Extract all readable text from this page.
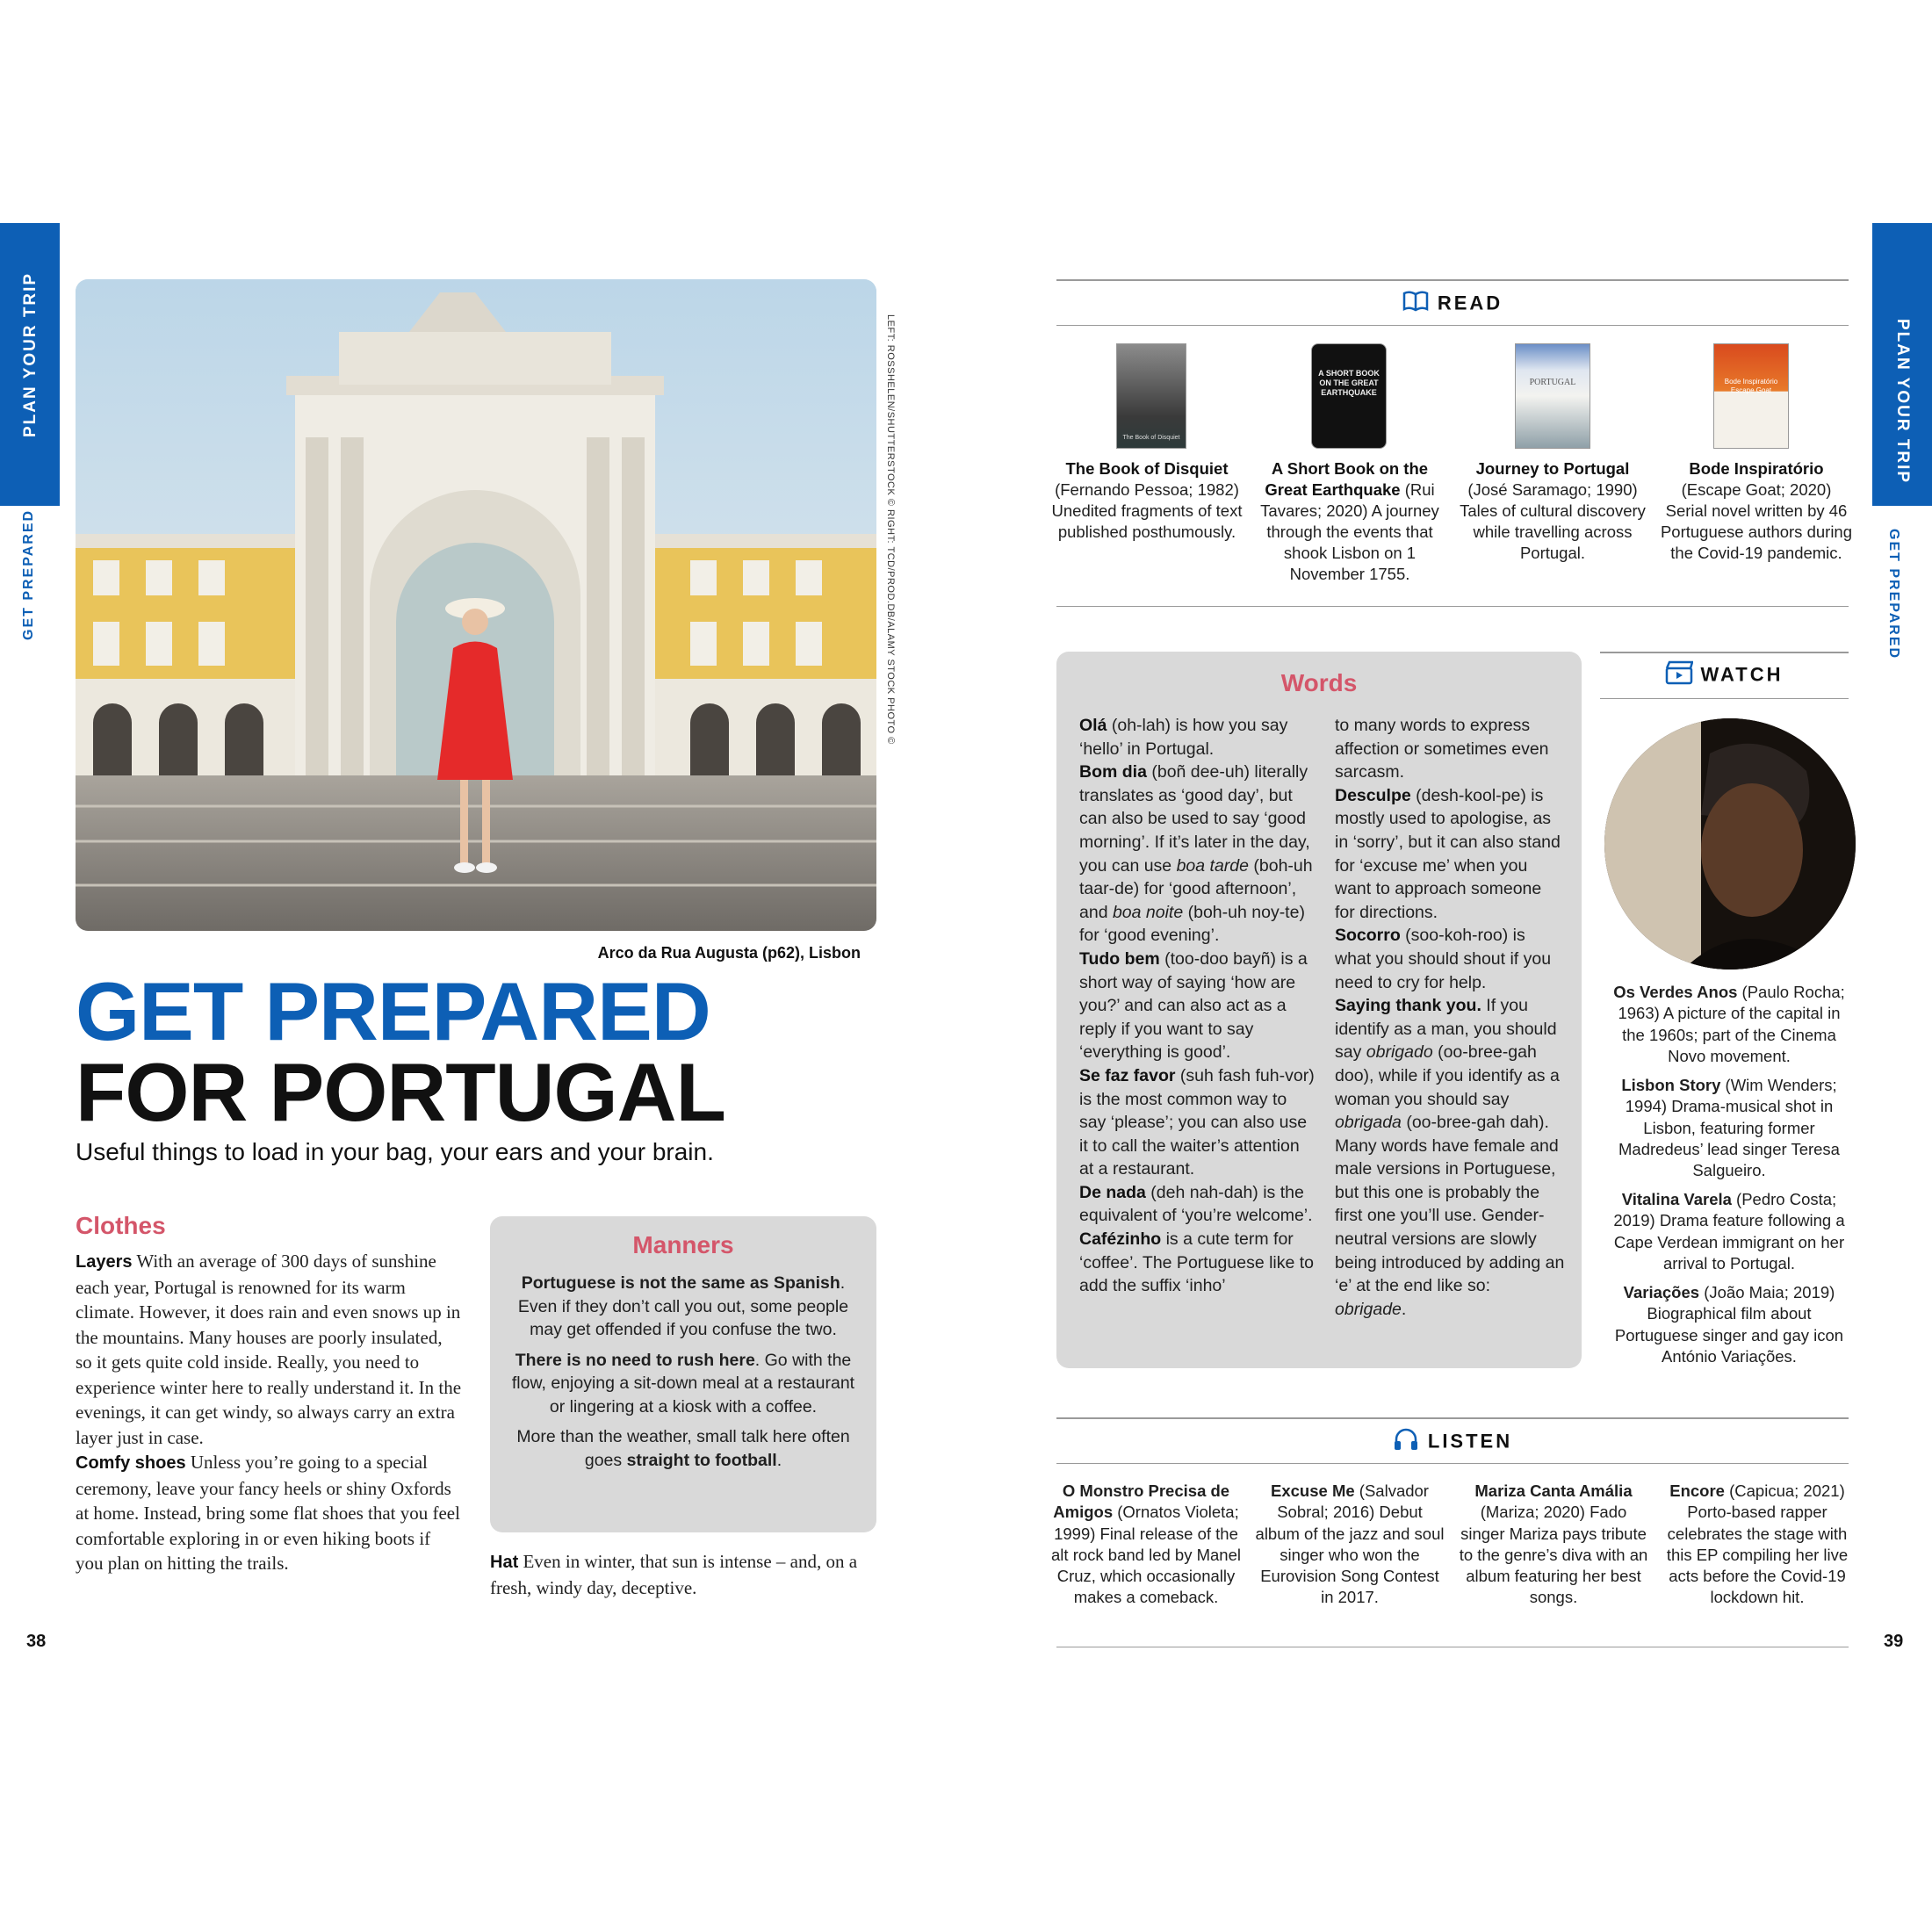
PLAN YOUR TRIP
GET PREPARED
38
LEFT: ROSSHELEN/SHUTTERSTOCK © RIGHT: TCD/PROD.DB/ALAMY STOCK PHOTO ©
Arco da Rua Augusta (p62), Lisbon
GET PREPARED
FOR PORTUGAL
Useful things to load in your bag, your ears and your brain.
Clothes
Layers With an average of 300 days of sunshine each year, Portugal is renowned for its warm climate. However, it does rain and even snows up in the mountains. Many houses are poorly insulated, so it gets quite cold inside. Really, you need to experience winter here to really understand it. In the evenings, it can get windy, so always carry an extra layer just in case.
Comfy shoes Unless you’re going to a special ceremony, leave your fancy heels or shiny Oxfords at home. Instead, bring some flat shoes that you feel comfortable exploring in or even hiking boots if you plan on hitting the trails.
Manners

Portuguese is not the same as Spanish. Even if they don’t call you out, some people may get offended if you confuse the two.

There is no need to rush here. Go with the flow, enjoying a sit-down meal at a restaurant or lingering at a kiosk with a coffee.

More than the weather, small talk here often goes straight to football.

Hat Even in winter, that sun is intense – and, on a fresh, windy day, deceptive.
PLAN YOUR TRIP
GET PREPARED
39
READ
The Book of Disquiet
A SHORT BOOK ON THE GREAT EARTHQUAKE
PORTUGAL	Bode Inspiratório Escape Goat
The Book of Disquiet
(Fernando Pessoa; 1982) Unedited fragments of text published posthumously.
A Short Book on the Great Earthquake (Rui Tavares; 2020) A journey through the events that shook Lisbon on 1 November 1755.
Journey to Portugal
(José Saramago; 1990) Tales of cultural discovery while travelling across Portugal.
Bode Inspiratório
(Escape Goat; 2020) Serial novel written by 46 Portuguese authors during the Covid-19 pandemic.
Words
Olá (oh-lah) is how you say ‘hello’ in Portugal.
Bom dia (boñ dee-uh) literally translates as ‘good day’, but can also be used to say ‘good morning’. If it’s later in the day, you can use boa tarde (boh-uh taar-de) for ‘good afternoon’, and boa noite (boh-uh noy-te) for ‘good evening’.
Tudo bem (too-doo bayñ) is a short way of saying ‘how are you?’ and can also act as a reply if you want to say ‘everything is good’.
Se faz favor (suh fash fuh-vor) is the most common way to say ‘please’; you can also use it to call the waiter’s attention at a restaurant.
De nada (deh nah-dah) is the equivalent of ‘you’re welcome’.
Cafézinho is a cute term for ‘coffee’. The Portuguese like to add the suffix ‘inho’
to many words to express affection or sometimes even sarcasm.
Desculpe (desh-kool-pe) is mostly used to apologise, as in ‘sorry’, but it can also stand for ‘excuse me’ when you want to approach someone for directions.
Socorro (soo-koh-roo) is what you should shout if you need to cry for help.
Saying thank you. If you identify as a man, you should say obrigado (oo-bree-gah doo), while if you identify as a woman you should say obrigada (oo-bree-gah dah). Many words have female and male versions in Portuguese, but this one is probably the first one you’ll use. Gender-neutral versions are slowly being introduced by adding an ‘e’ at the end like so: obrigade.
WATCH
Os Verdes Anos (Paulo Rocha; 1963) A picture of the capital in the 1960s; part of the Cinema Novo movement.
Lisbon Story (Wim Wenders; 1994) Drama-musical shot in Lisbon, featuring former Madredeus’ lead singer Teresa Salgueiro.
Vitalina Varela (Pedro Costa; 2019) Drama feature following a Cape Verdean immigrant on her arrival to Portugal.
Variações (João Maia; 2019) Biographical film about Portuguese singer and gay icon António Variações.
LISTEN
O Monstro Precisa de Amigos (Ornatos Violeta; 1999) Final release of the alt rock band led by Manel Cruz, which occasionally makes a comeback.
Excuse Me (Salvador Sobral; 2016) Debut album of the jazz and soul singer who won the Eurovision Song Contest in 2017.
Mariza Canta Amália (Mariza; 2020) Fado singer Mariza pays tribute to the genre’s diva with an album featuring her best songs.
Encore (Capicua; 2021) Porto-based rapper celebrates the stage with this EP compiling her live acts before the Covid-19 lockdown hit.
